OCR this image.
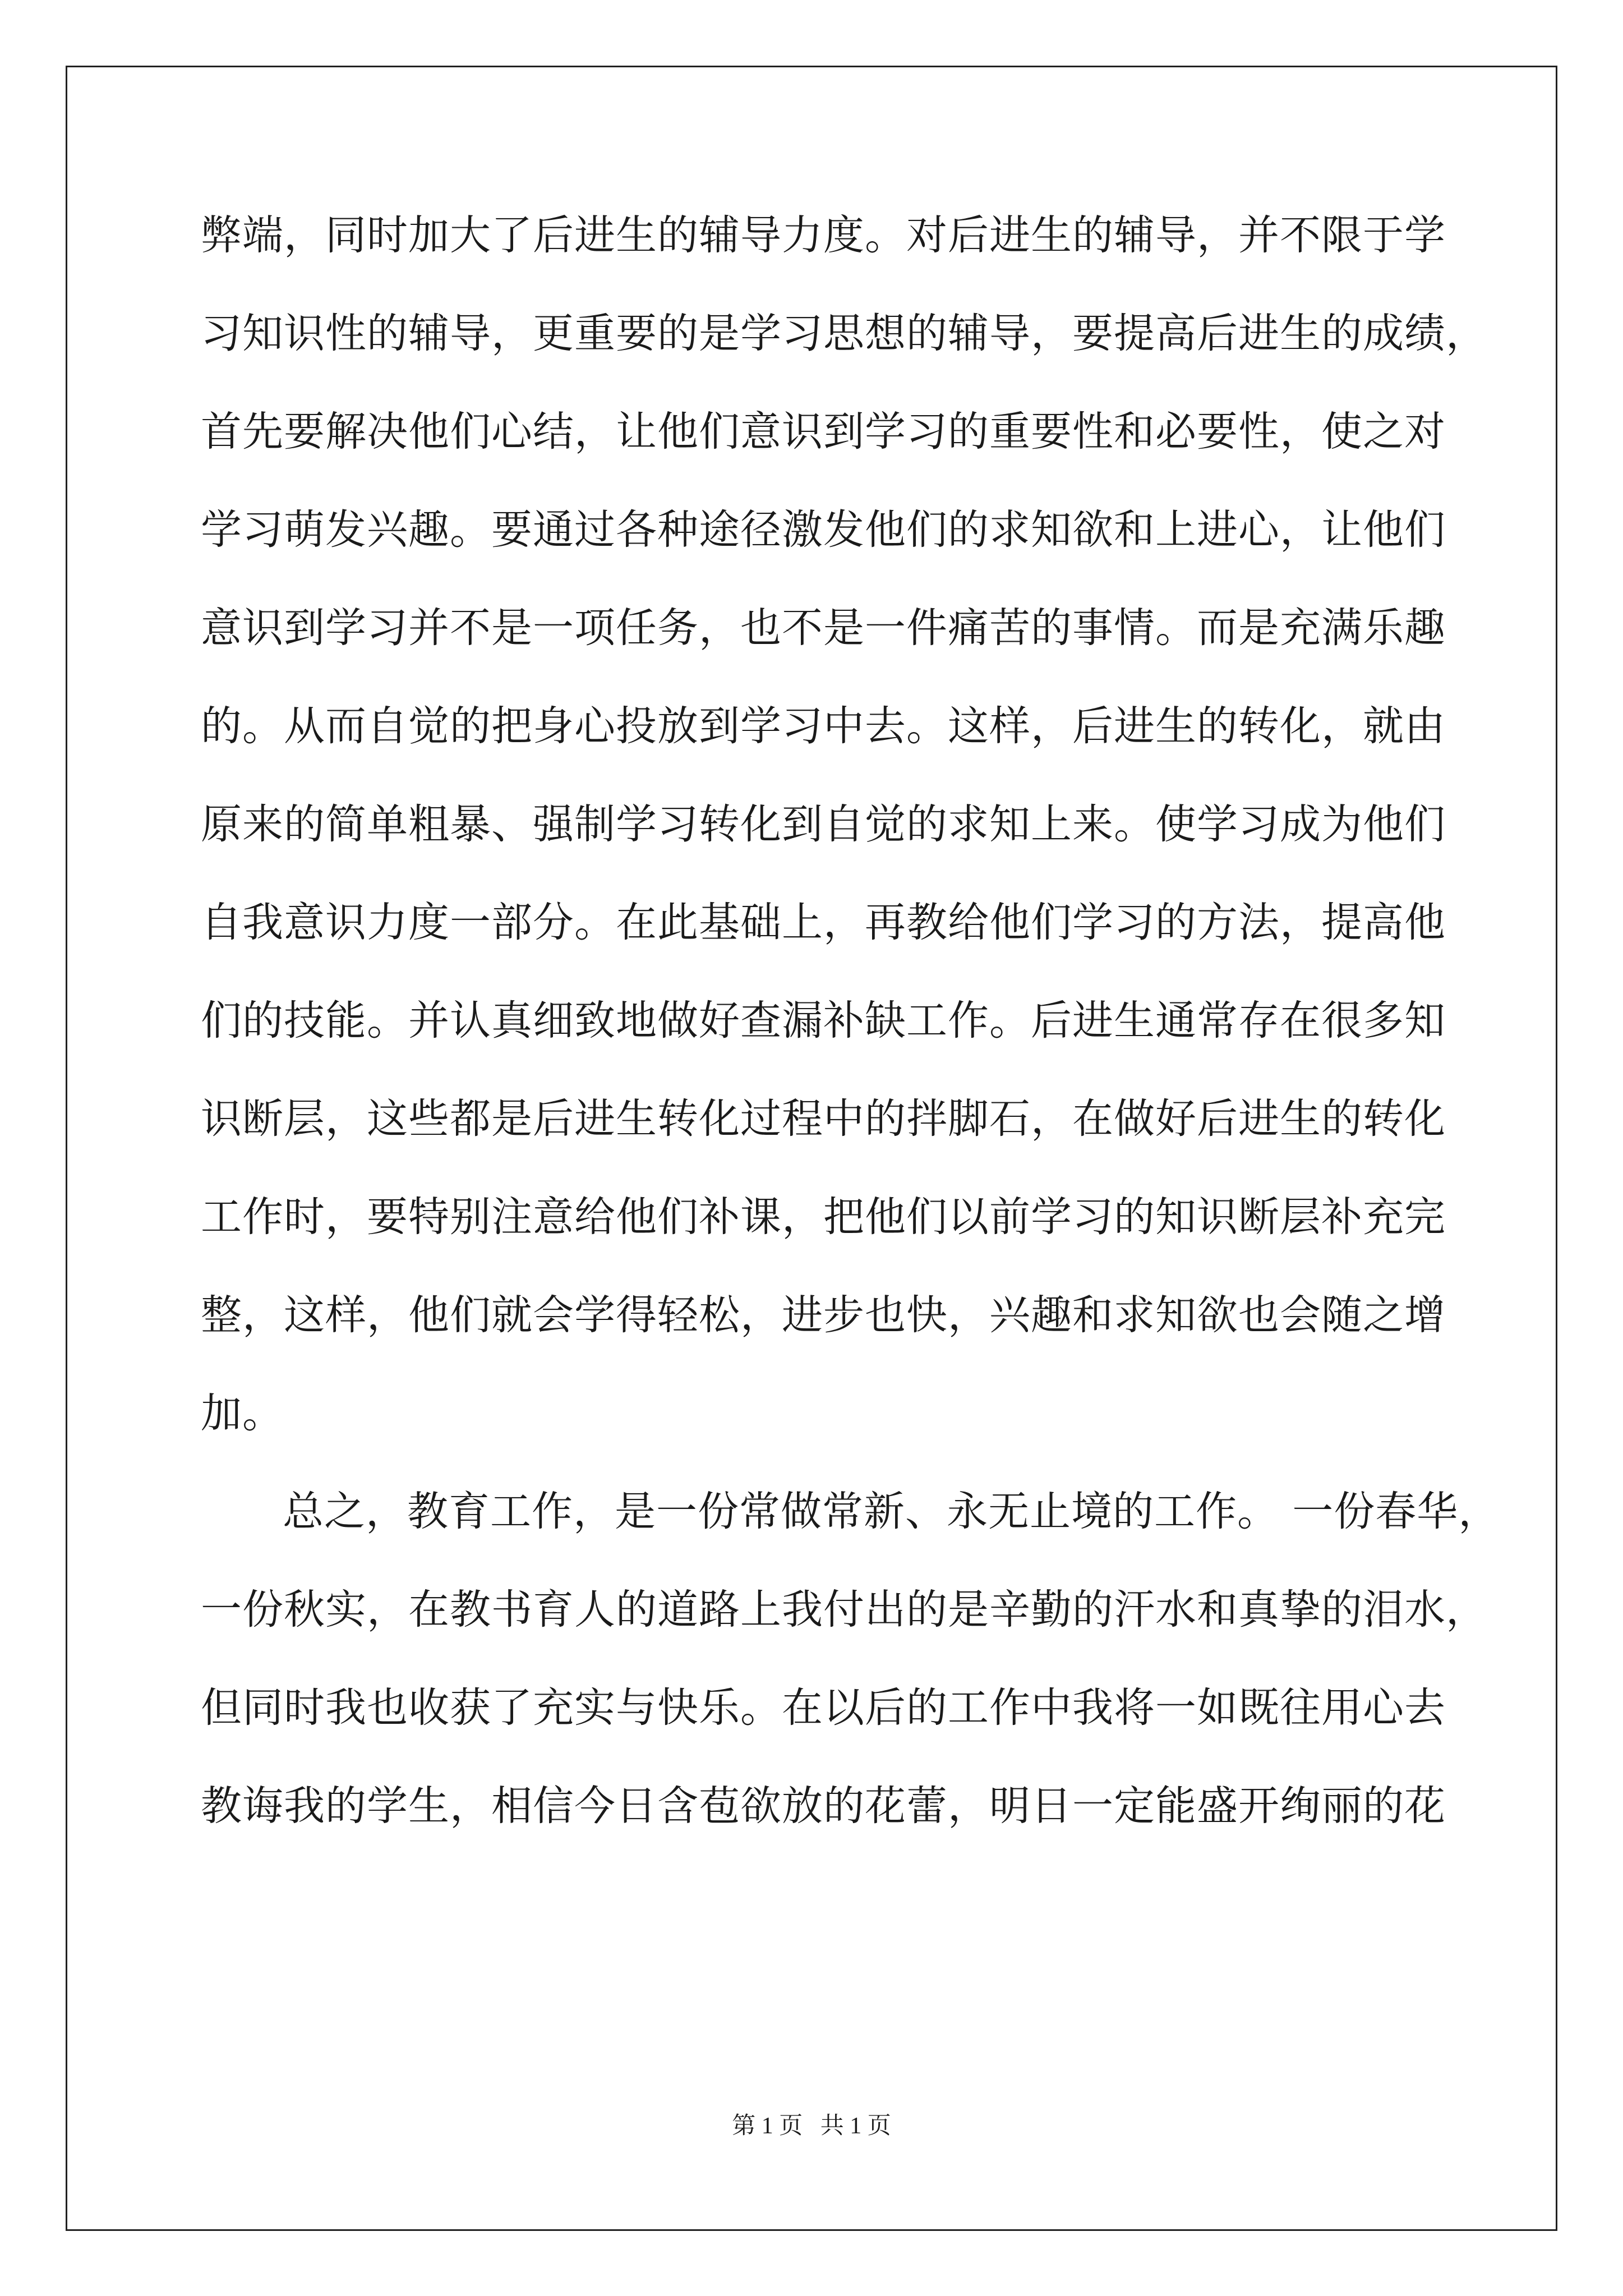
弊端，同时加大了后进生的辅导力度。对后进生的辅导，并不限于学
习知识性的辅导，更重要的是学习思想的辅导，要提高后进生的成绩，
首先要解决他们心结，让他们意识到学习的重要性和必要性，使之对
学习萌发兴趣。要通过各种途径激发他们的求知欲和上进心，让他们
意识到学习并不是一项任务，也不是一件痛苦的事情。而是充满乐趣
的。从而自觉的把身心投放到学习中去。这样，后进生的转化，就由
原来的简单粗暴、强制学习转化到自觉的求知上来。使学习成为他们
自我意识力度一部分。在此基础上，再教给他们学习的方法，提高他
们的技能。并认真细致地做好查漏补缺工作。后进生通常存在很多知
识断层，这些都是后进生转化过程中的拌脚石，在做好后进生的转化
工作时，要特别注意给他们补课，把他们以前学习的知识断层补充完
整，这样，他们就会学得轻松，进步也快，兴趣和求知欲也会随之增
加。
总之，教育工作，是一份常做常新、永无止境的工作。 一份春华，
一份秋实，在教书育人的道路上我付出的是辛勤的汗水和真挚的泪水，
但同时我也收获了充实与快乐。在以后的工作中我将一如既往用心去
教诲我的学生，相信今日含苞欲放的花蕾，明日一定能盛开绚丽的花
第 1 页 共 1 页
